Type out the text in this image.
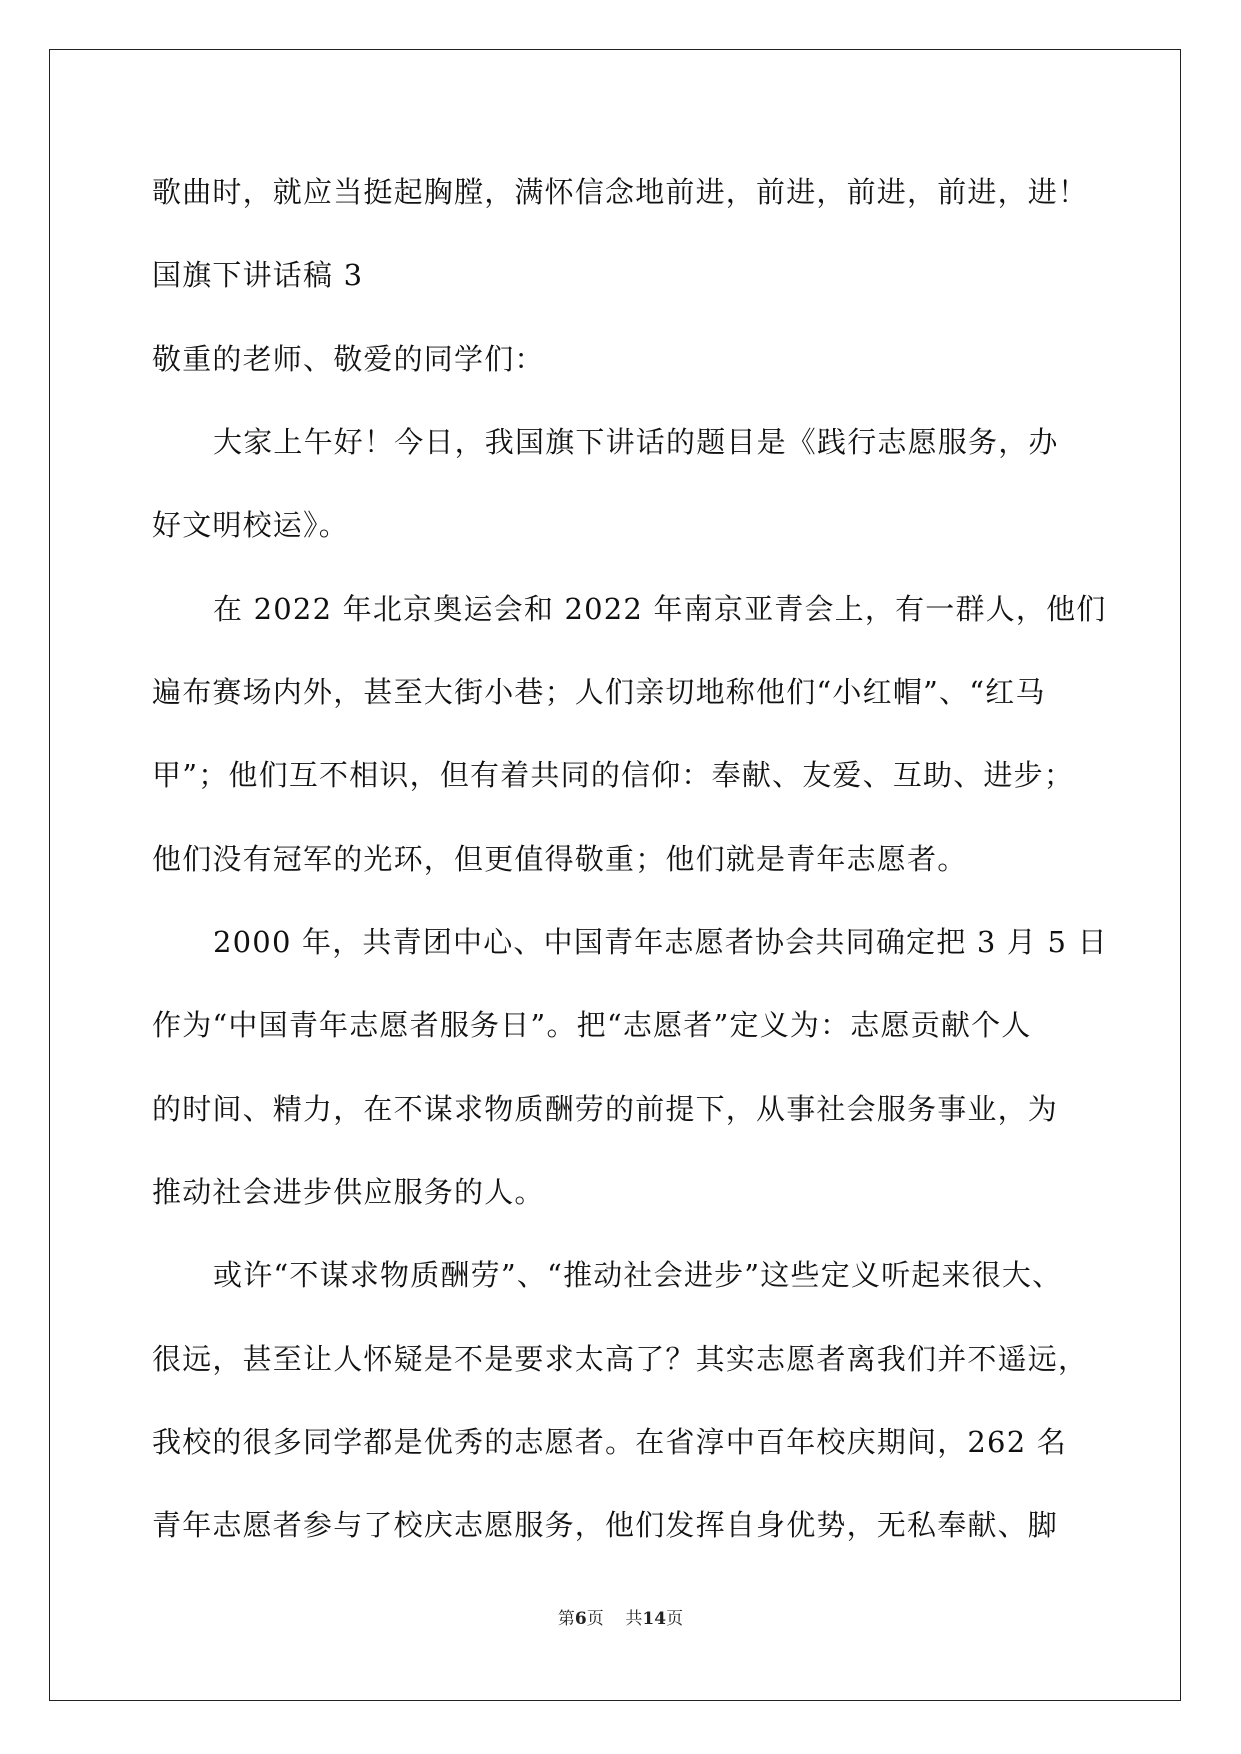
歌曲时，就应当挺起胸膛，满怀信念地前进，前进，前进，前进，进！
国旗下讲话稿 3
敬重的老师、敬爱的同学们：
大家上午好！今日，我国旗下讲话的题目是《践行志愿服务，办
好文明校运》。
在 2022 年北京奥运会和 2022 年南京亚青会上，有一群人，他们
遍布赛场内外，甚至大街小巷；人们亲切地称他们“小红帽”、“红马
甲”；他们互不相识，但有着共同的信仰：奉献、友爱、互助、进步；
他们没有冠军的光环，但更值得敬重；他们就是青年志愿者。
2000 年，共青团中心、中国青年志愿者协会共同确定把 3 月 5 日
作为“中国青年志愿者服务日”。把“志愿者”定义为：志愿贡献个人
的时间、精力，在不谋求物质酬劳的前提下，从事社会服务事业，为
推动社会进步供应服务的人。
或许“不谋求物质酬劳”、“推动社会进步”这些定义听起来很大、
很远，甚至让人怀疑是不是要求太高了？其实志愿者离我们并不遥远，
我校的很多同学都是优秀的志愿者。在省淳中百年校庆期间，262 名
青年志愿者参与了校庆志愿服务，他们发挥自身优势，无私奉献、脚
第6页 共14页
